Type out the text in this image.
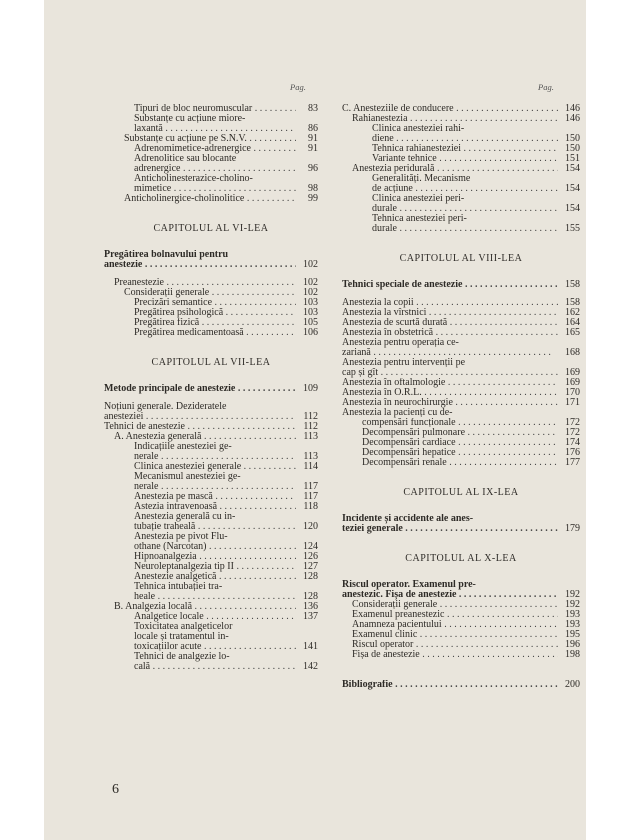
Pag.	Pag.
Tipuri de bloc neuromuscular . . .	83
Substanțe cu acțiune miore-
laxantă . . .	86
Substanțe cu acțiune pe S.N.V. . . .	91
Adrenomimetice-adrenergice . . .	91
Adrenolitice sau blocante
adrenergice . . .	96
Anticholinesterazice-cholino-
mimetice . . .	98
Anticholinergice-cholinolitice . . .	99
CAPITOLUL AL VI-LEA
Pregătirea bolnavului pentru
anestezie . . .	102
Preanestezie . . .	102
Considerații generale . . .	102
Precizări semantice . . .	103
Pregătirea psihologică . . .	103
Pregătirea fizică . . .	105
Pregătirea medicamentoasă . . .	106
CAPITOLUL AL VII-LEA
Metode principale de anestezie . . .	109
Noțiuni generale. Dezideratele
anesteziei . . .	112
Tehnici de anestezie . . .	112
A. Anestezia generală . . .	113
Indicațiile anesteziei ge-
nerale . . .	113
Clinica anesteziei generale . . .	114
Mecanismul anesteziei ge-
nerale . . .	117
Anestezia pe mască . . .	117
Astezia intravenoasă . . .	118
Anestezia generală cu in-
tubație traheală . . .	120
Anestezia pe pivot Flu-
othane (Narcotan) . . .	124
Hipnoanalgezia . . .	126
Neuroleptanalgezia tip II . . .	127
Anestezie analgetică . . .	128
Tehnica intubației tra-
heale . . .	128
B. Analgezia locală . . .	136
Analgetice locale . . .	137
Toxicitatea analgeticelor
locale și tratamentul in-
toxicațiilor acute . . .	141
Tehnici de analgezie lo-
cală . . .	142
C. Anesteziile de conducere . . .	146
Rahianestezia . . .	146
Clinica anesteziei rahi-
diene . . .	150
Tehnica rahianesteziei . . .	150
Variante tehnice . . .	151
Anestezia peridurală . . .	154
Generalități. Mecanisme
de acțiune . . .	154
Clinica anesteziei peri-
durale . . .	154
Tehnica anesteziei peri-
durale . . .	155
CAPITOLUL AL VIII-LEA
Tehnici speciale de anestezie . . .	158
Anestezia la copii . . .	158
Anestezia la vîrstnici . . .	162
Anestezia de scurtă durată . . .	164
Anestezia în obstetrică . . .	165
Anestezia pentru operația ce-
zariană . . .	168
Anestezia pentru intervenții pe
cap și gît . . .	169
Anestezia în oftalmologie . . .	169
Anestezia în O.R.L. . . .	170
Anestezia în neurochirurgie . . .	171
Anestezia la pacienți cu de-
compensări funcționale . . .	172
Decompensări pulmonare . . .	172
Decompensări cardiace . . .	174
Decompensări hepatice . . .	176
Decompensări renale . . .	177
CAPITOLUL AL IX-LEA
Incidente și accidente ale anes-
teziei generale . . .	179
CAPITOLUL AL X-LEA
Riscul operator. Examenul pre-
anestezic. Fișa de anestezie . . .	192
Considerații generale . . .	192
Examenul preanestezic . . .	193
Anamneza pacientului . . .	193
Examenul clinic . . .	195
Riscul operator . . .	196
Fișa de anestezie . . .	198
Bibliografie . . .	200
6
